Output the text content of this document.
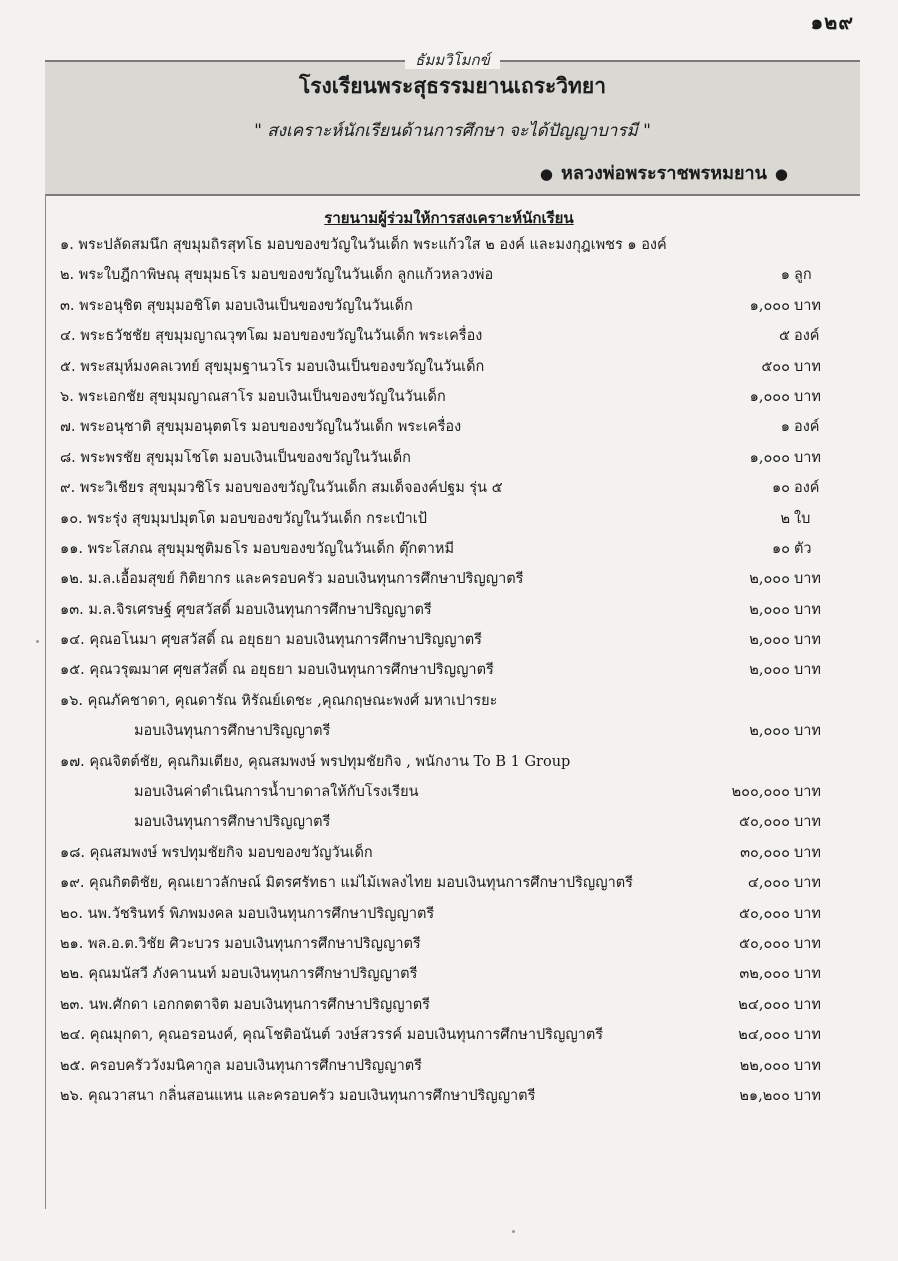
๑๒๙
ธัมมวิโมกข์
โรงเรียนพระสุธรรมยานเถระวิทยา
" สงเคราะห์นักเรียนด้านการศึกษา จะได้ปัญญาบารมี "
● หลวงพ่อพระราชพรหมยาน ●
รายนามผู้ร่วมให้การสงเคราะห์นักเรียน
๑. พระปลัดสมนึก สุขมุมถิรสุทโธ มอบของขวัญในวันเด็ก พระแก้วใส ๒ องค์ และมงกุฎเพชร ๑ องค์
๒. พระใบฎีกาพิษณุ สุขมุมธโร มอบของขวัญในวันเด็ก ลูกแก้วหลวงพ่อ	๑ ลูก
๓. พระอนุชิต สุขมุมอชิโต มอบเงินเป็นของขวัญในวันเด็ก	๑,๐๐๐ บาท
๔. พระธวัชชัย สุขมุมญาณวุฑโฒ มอบของขวัญในวันเด็ก พระเครื่อง	๕ องค์
๕. พระสมุห์มงคลเวทย์ สุขมุมฐานวโร มอบเงินเป็นของขวัญในวันเด็ก	๕๐๐ บาท
๖. พระเอกชัย สุขมุมญาณสาโร มอบเงินเป็นของขวัญในวันเด็ก	๑,๐๐๐ บาท
๗. พระอนุชาติ สุขมุมอนุตตโร มอบของขวัญในวันเด็ก พระเครื่อง	๑ องค์
๘. พระพรชัย สุขมุมโชโต มอบเงินเป็นของขวัญในวันเด็ก	๑,๐๐๐ บาท
๙. พระวิเชียร สุขมุมวชิโร มอบของขวัญในวันเด็ก สมเด็จองค์ปฐม รุ่น ๕	๑๐ องค์
๑๐. พระรุ่ง สุขมุมปมุตโต มอบของขวัญในวันเด็ก กระเป๋าเป้	๒ ใบ
๑๑. พระโสภณ สุขมุมชุติมธโร มอบของขวัญในวันเด็ก ตุ๊กตาหมี	๑๐ ตัว
๑๒. ม.ล.เอื้อมสุขย์ กิติยากร และครอบครัว มอบเงินทุนการศึกษาปริญญาตรี	๒,๐๐๐ บาท
๑๓. ม.ล.จิรเศรษฐ์ ศุขสวัสดิ์ มอบเงินทุนการศึกษาปริญญาตรี	๒,๐๐๐ บาท
๑๔. คุณอโนมา ศุขสวัสดิ์ ณ อยุธยา มอบเงินทุนการศึกษาปริญญาตรี	๒,๐๐๐ บาท
๑๕. คุณวรุฒมาศ ศุขสวัสดิ์ ณ อยุธยา มอบเงินทุนการศึกษาปริญญาตรี	๒,๐๐๐ บาท
๑๖. คุณภัคชาดา, คุณดารัณ หิรัณย์เดชะ ,คุณกฤษณะพงศ์ มหาเปารยะ
มอบเงินทุนการศึกษาปริญญาตรี	๒,๐๐๐ บาท
๑๗. คุณจิตต์ชัย, คุณกิมเตียง, คุณสมพงษ์ พรปทุมชัยกิจ , พนักงาน To B 1 Group
มอบเงินค่าดำเนินการน้ำบาดาลให้กับโรงเรียน	๒๐๐,๐๐๐ บาท
มอบเงินทุนการศึกษาปริญญาตรี	๕๐,๐๐๐ บาท
๑๘. คุณสมพงษ์ พรปทุมชัยกิจ มอบของขวัญวันเด็ก	๓๐,๐๐๐ บาท
๑๙. คุณกิตติชัย, คุณเยาวลักษณ์ มิตรศรัทธา แม่ไม้เพลงไทย มอบเงินทุนการศึกษาปริญญาตรี	๔,๐๐๐ บาท
๒๐. นพ.วัชรินทร์ พิภพมงคล มอบเงินทุนการศึกษาปริญญาตรี	๕๐,๐๐๐ บาท
๒๑. พล.อ.ต.วิชัย ศิวะบวร มอบเงินทุนการศึกษาปริญญาตรี	๕๐,๐๐๐ บาท
๒๒. คุณมนัสวี ภังคานนท์ มอบเงินทุนการศึกษาปริญญาตรี	๓๒,๐๐๐ บาท
๒๓. นพ.ศักดา เอกกตตาจิต มอบเงินทุนการศึกษาปริญญาตรี	๒๔,๐๐๐ บาท
๒๔. คุณมุกดา, คุณอรอนงค์, คุณโชติอนันต์ วงษ์สวรรค์ มอบเงินทุนการศึกษาปริญญาตรี	๒๔,๐๐๐ บาท
๒๕. ครอบครัววังมนิคากูล มอบเงินทุนการศึกษาปริญญาตรี	๒๒,๐๐๐ บาท
๒๖. คุณวาสนา กลิ่นสอนแหน และครอบครัว มอบเงินทุนการศึกษาปริญญาตรี	๒๑,๒๐๐ บาท
